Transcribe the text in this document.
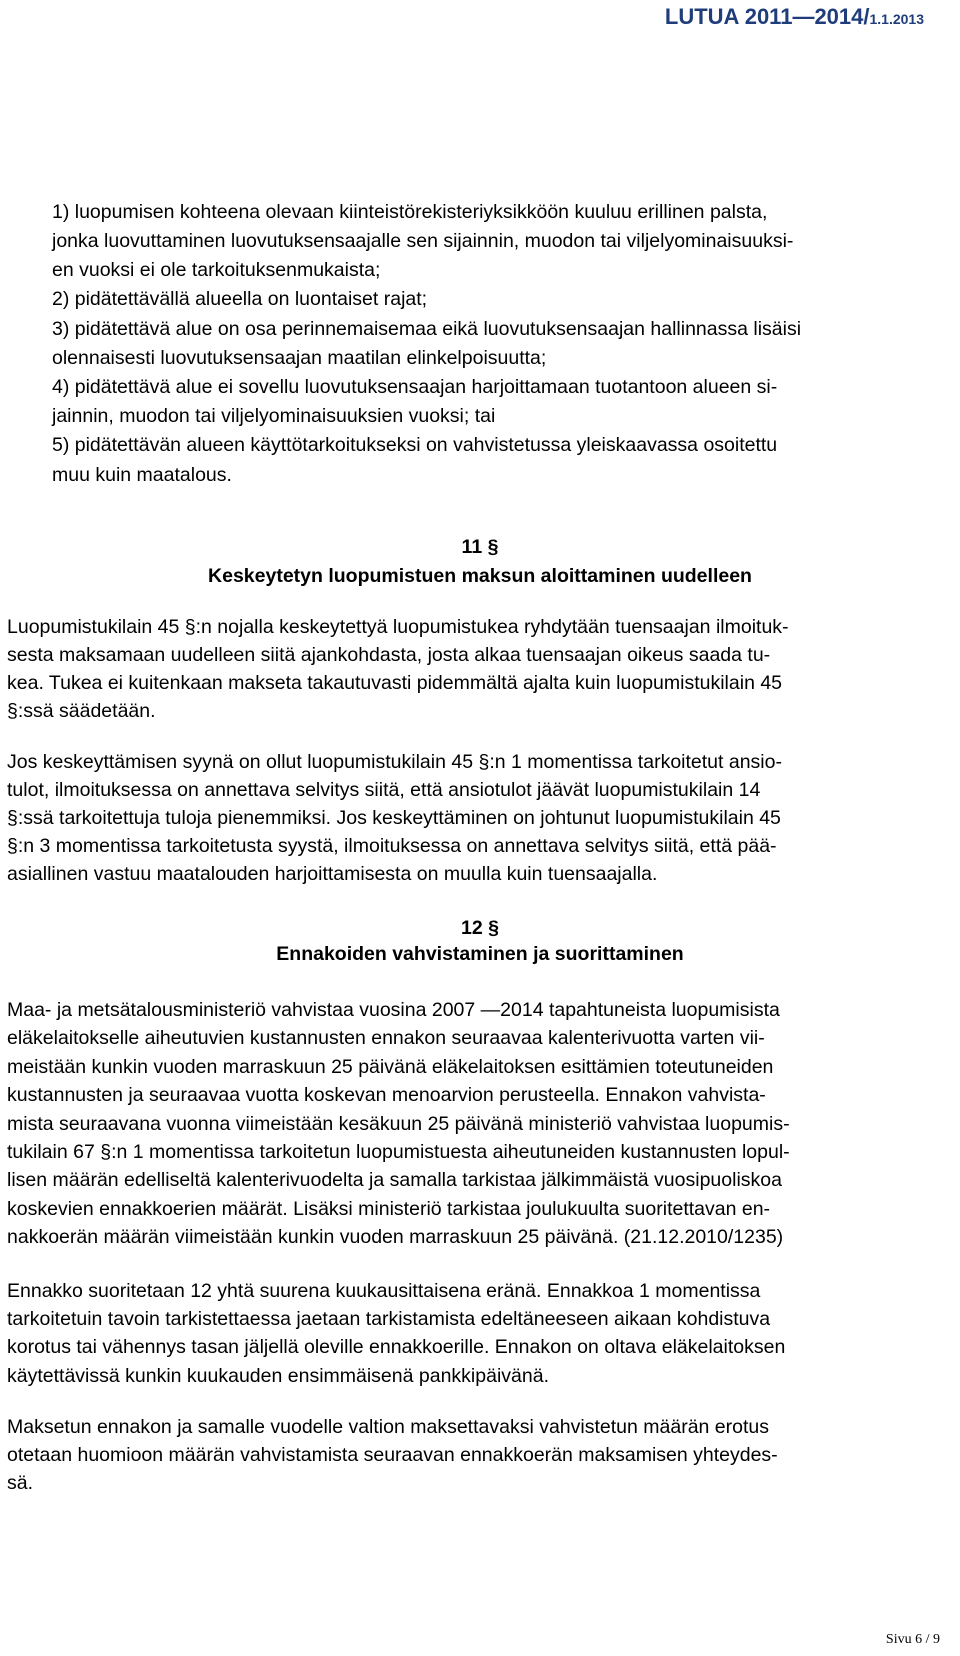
LUTUA 2011—2014/1.1.2013
1) luopumisen kohteena olevaan kiinteistörekisteriyksikköön kuuluu erillinen palsta,
jonka luovuttaminen luovutuksensaajalle sen sijainnin, muodon tai viljelyominaisuuksi-
en vuoksi ei ole tarkoituksenmukaista;
2) pidätettävällä alueella on luontaiset rajat;
3) pidätettävä alue on osa perinnemaisemaa eikä luovutuksensaajan hallinnassa lisäisi
olennaisesti luovutuksensaajan maatilan elinkelpoisuutta;
4) pidätettävä alue ei sovellu luovutuksensaajan harjoittamaan tuotantoon alueen si-
jainnin, muodon tai viljelyominaisuuksien vuoksi; tai
5) pidätettävän alueen käyttötarkoitukseksi on vahvistetussa yleiskaavassa osoitettu
muu kuin maatalous.
11 §
Keskeytetyn luopumistuen maksun aloittaminen uudelleen
Luopumistukilain 45 §:n nojalla keskeytettyä luopumistukea ryhdytään tuensaajan ilmoituk-
sesta maksamaan uudelleen siitä ajankohdasta, josta alkaa tuensaajan oikeus saada tu-
kea. Tukea ei kuitenkaan makseta takautuvasti pidemmältä ajalta kuin luopumistukilain 45
§:ssä säädetään.
Jos keskeyttämisen syynä on ollut luopumistukilain 45 §:n 1 momentissa tarkoitetut ansio-
tulot, ilmoituksessa on annettava selvitys siitä, että ansiotulot jäävät luopumistukilain 14
§:ssä tarkoitettuja tuloja pienemmiksi. Jos keskeyttäminen on johtunut luopumistukilain 45
§:n 3 momentissa tarkoitetusta syystä, ilmoituksessa on annettava selvitys siitä, että pää-
asiallinen vastuu maatalouden harjoittamisesta on muulla kuin tuensaajalla.
12 §
Ennakoiden vahvistaminen ja suorittaminen
Maa- ja metsätalousministeriö vahvistaa vuosina 2007 —2014 tapahtuneista luopumisista
eläkelaitokselle aiheutuvien kustannusten ennakon seuraavaa kalenterivuotta varten vii-
meistään kunkin vuoden marraskuun 25 päivänä eläkelaitoksen esittämien toteutuneiden
kustannusten ja seuraavaa vuotta koskevan menoarvion perusteella. Ennakon vahvista-
mista seuraavana vuonna viimeistään kesäkuun 25 päivänä ministeriö vahvistaa luopumis-
tukilain 67 §:n 1 momentissa tarkoitetun luopumistuesta aiheutuneiden kustannusten lopul-
lisen määrän edelliseltä kalenterivuodelta ja samalla tarkistaa jälkimmäistä vuosipuoliskoa
koskevien ennakkoerien määrät. Lisäksi ministeriö tarkistaa joulukuulta suoritettavan en-
nakkoerän määrän viimeistään kunkin vuoden marraskuun 25 päivänä. (21.12.2010/1235)
Ennakko suoritetaan 12 yhtä suurena kuukausittaisena eränä. Ennakkoa 1 momentissa
tarkoitetuin tavoin tarkistettaessa jaetaan tarkistamista edeltäneeseen aikaan kohdistuva
korotus tai vähennys tasan jäljellä oleville ennakkoerille. Ennakon on oltava eläkelaitoksen
käytettävissä kunkin kuukauden ensimmäisenä pankkipäivänä.
Maksetun ennakon ja samalle vuodelle valtion maksettavaksi vahvistetun määrän erotus
otetaan huomioon määrän vahvistamista seuraavan ennakkoerän maksamisen yhteydes-
sä.
Sivu 6 / 9
